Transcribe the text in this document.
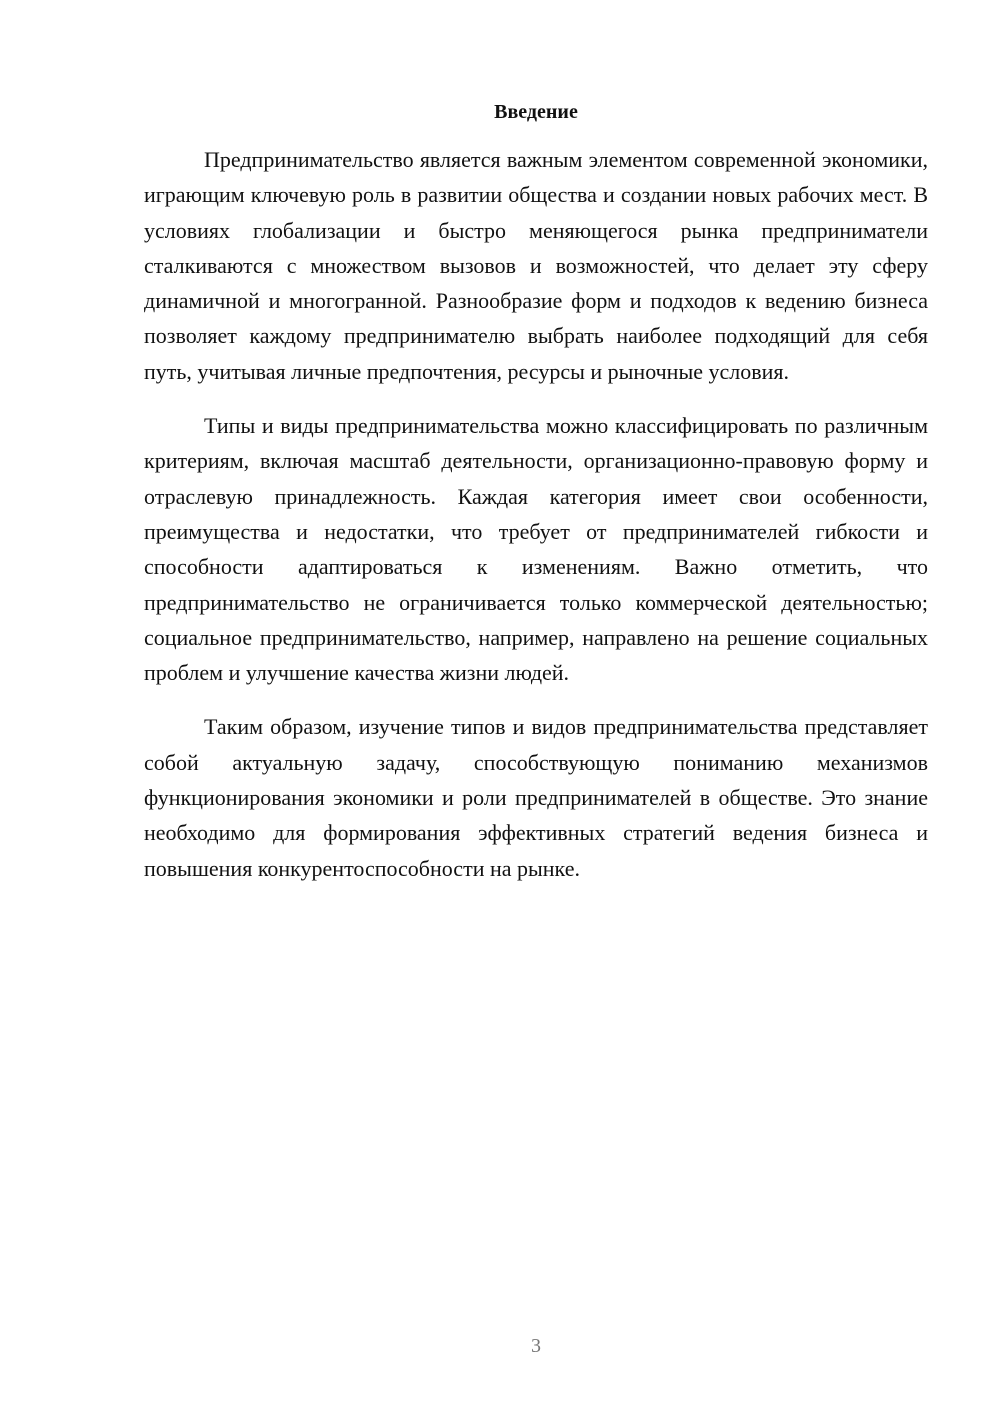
Введение

Предпринимательство является важным элементом современной экономики, играющим ключевую роль в развитии общества и создании новых рабочих мест. В условиях глобализации и быстро меняющегося рынка предприниматели сталкиваются с множеством вызовов и возможностей, что делает эту сферу динамичной и многогранной. Разнообразие форм и подходов к ведению бизнеса позволяет каждому предпринимателю выбрать наиболее подходящий для себя путь, учитывая личные предпочтения, ресурсы и рыночные условия.

Типы и виды предпринимательства можно классифицировать по различным критериям, включая масштаб деятельности, организационно-правовую форму и отраслевую принадлежность. Каждая категория имеет свои особенности, преимущества и недостатки, что требует от предпринимателей гибкости и способности адаптироваться к изменениям. Важно отметить, что предпринимательство не ограничивается только коммерческой деятельностью; социальное предпринимательство, например, направлено на решение социальных проблем и улучшение качества жизни людей.

Таким образом, изучение типов и видов предпринимательства представляет собой актуальную задачу, способствующую пониманию механизмов функционирования экономики и роли предпринимателей в обществе. Это знание необходимо для формирования эффективных стратегий ведения бизнеса и повышения конкурентоспособности на рынке.

3
